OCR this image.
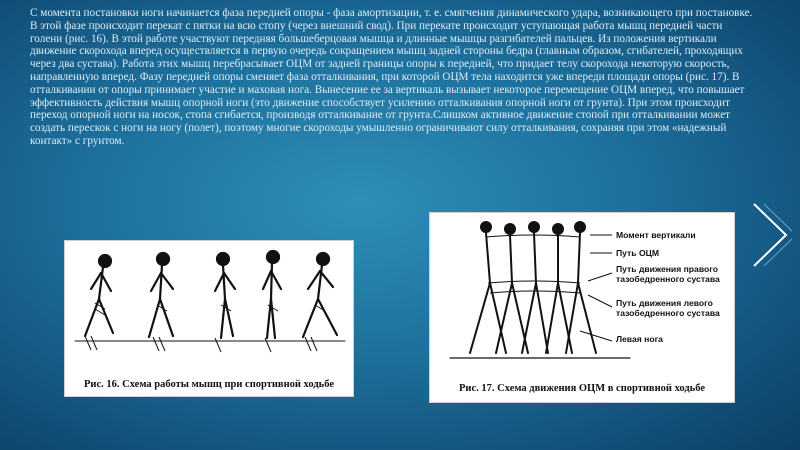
С момента постановки ноги начинается фаза передней опоры - фаза амортизации, т. е. смягчения динамического удара, возникающего при постановке. В этой фазе происходит перекат с пятки на всю стопу (через внешний свод). При перекате происходит уступающая работа мышц передней части голени (рис. 16). В этой работе участвуют передняя большеберцовая мышца и длинные мышцы разгибателей пальцев. Из положения вертикали движение скорохода вперед осуществляется в первую очередь сокращением мышц задней стороны бедра (главным образом, сгибателей, проходящих через два сустава). Работа этих мышц перебрасывает ОЦМ от задней границы опоры к передней, что придает телу скорохода некоторую скорость, направленную вперед. Фазу передней опоры сменяет фаза отталкивания, при которой ОЦМ тела находится уже впереди площади опоры (рис. 17). В отталкивании от опоры принимает участие и маховая нога. Вынесение ее за вертикаль вызывает некоторое перемещение ОЦМ вперед, что повышает эффективность действия мышц опорной ноги (это движение способствует усилению отталкивания опорной ноги от грунта). При этом происходит переход опорной ноги на носок, стопа сгибается, производя отталкивание от грунта.Слишком активное движение стопой при отталкивании может создать перескок с ноги на ногу (полет), поэтому многие скороходы умышленно ограничивают силу отталкивания, сохраняя при этом «надежный контакт» с грунтом.
Рис. 16. Схема работы мышц при спортивной ходьбе
Момент вертикали
Путь ОЦМ
Путь движения правого тазобедренного сустава
Путь движения левого тазобедренного сустава
Левая нога
Рис. 17. Схема движения ОЦМ в спортивной ходьбе
